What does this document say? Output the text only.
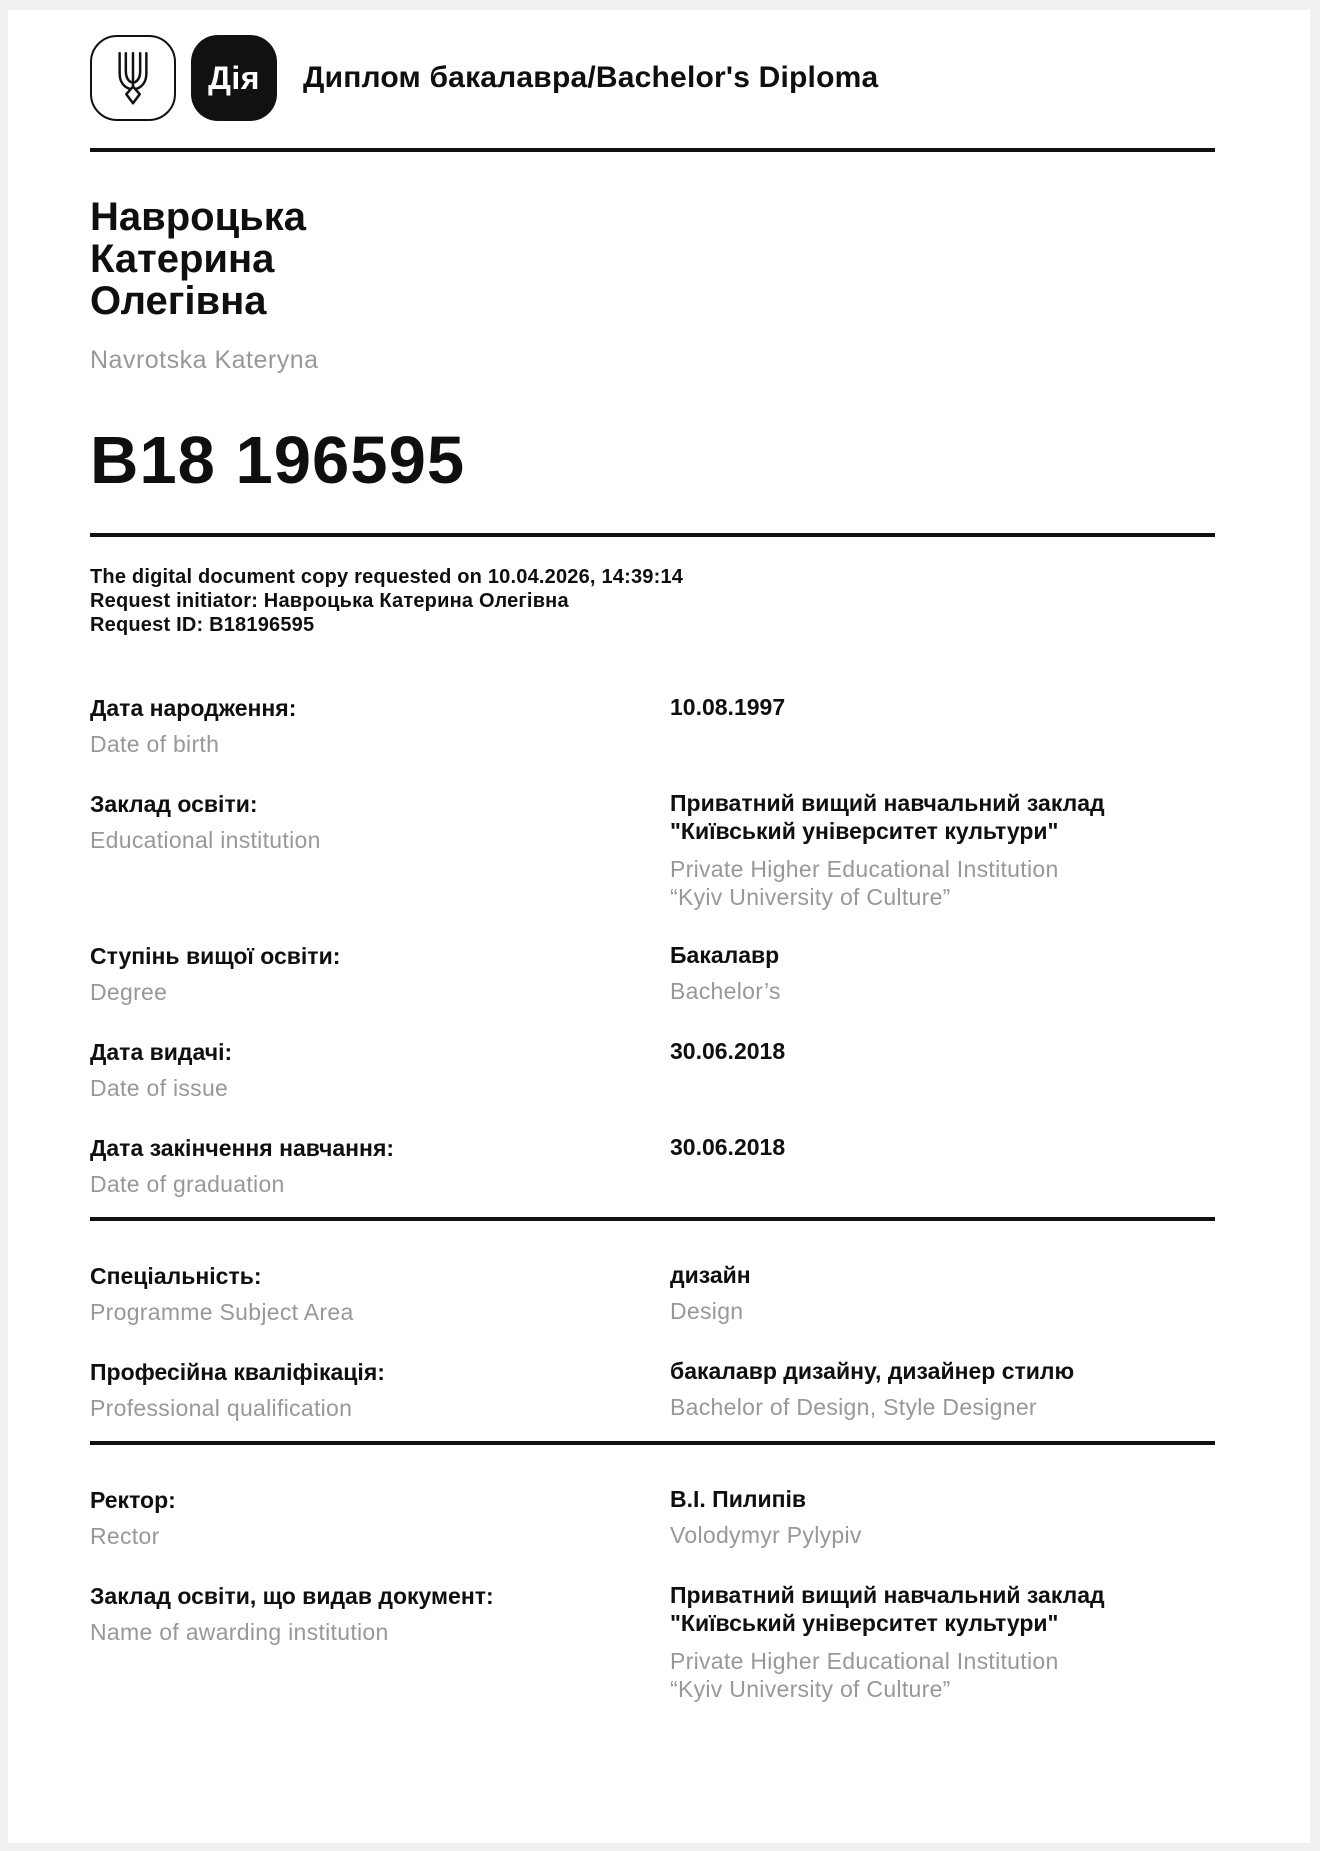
Дія Диплом бакалавра/Bachelor's Diploma
Навроцька
Катерина
Олегівна
Navrotska Kateryna
B18 196595
The digital document copy requested on 10.04.2026, 14:39:14
Request initiator: Навроцька Катерина Олегівна
Request ID: B18196595
Дата народження:
Date of birth
10.08.1997
Заклад освіти:
Educational institution
Приватний вищий навчальний заклад
"Київський університет культури"
Private Higher Educational Institution
“Kyiv University of Culture”
Ступінь вищої освіти:
Degree
Бакалавр
Bachelor’s
Дата видачі:
Date of issue
30.06.2018
Дата закінчення навчання:
Date of graduation
30.06.2018
Спеціальність:
Programme Subject Area
дизайн
Design
Професійна кваліфікація:
Professional qualification
бакалавр дизайну, дизайнер стилю
Bachelor of Design, Style Designer
Ректор:
Rector
В.І. Пилипів
Volodymyr Pylypiv
Заклад освіти, що видав документ:
Name of awarding institution
Приватний вищий навчальний заклад
"Київський університет культури"
Private Higher Educational Institution
“Kyiv University of Culture”
